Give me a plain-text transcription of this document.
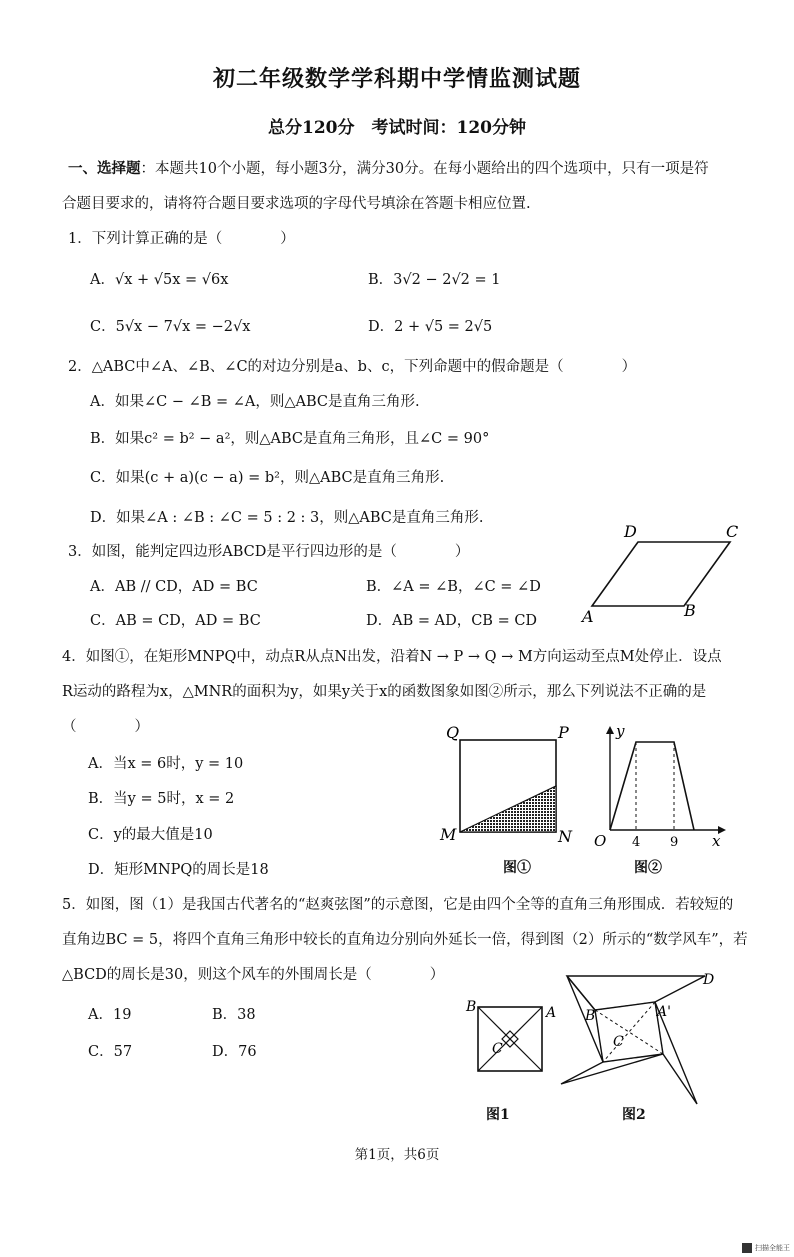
初二年级数学学科期中学情监测试题
总分120分　考试时间：120分钟
一、选择题：本题共10个小题，每小题3分，满分30分。在每小题给出的四个选项中，只有一项是符
合题目要求的，请将符合题目要求选项的字母代号填涂在答题卡相应位置.
1．下列计算正确的是（　　　　）
A．√x + √5x = √6x	B．3√2 − 2√2 = 1
C．5√x − 7√x = −2√x	D．2 + √5 = 2√5
2．△ABC中∠A、∠B、∠C的对边分别是a、b、c，下列命题中的假命题是（　　　　）
A．如果∠C − ∠B = ∠A，则△ABC是直角三角形.
B．如果c² = b² − a²，则△ABC是直角三角形，且∠C = 90°
C．如果(c + a)(c − a) = b²，则△ABC是直角三角形.
D．如果∠A : ∠B : ∠C = 5 : 2 : 3，则△ABC是直角三角形.
3．如图，能判定四边形ABCD是平行四边形的是（　　　　）
A．AB // CD，AD = BC	B．∠A = ∠B，∠C = ∠D
C．AB = CD，AD = BC	D．AB = AD，CB = CD	A	B
C
D
4．如图①，在矩形MNPQ中，动点R从点N出发，沿着N → P → Q → M方向运动至点M处停止．设点
R运动的路程为x，△MNR的面积为y，如果y关于x的函数图象如图②所示，那么下列说法不正确的是
（　　　　）
A．当x = 6时，y = 10
B．当y = 5时，x = 2
C．y的最大值是10
D．矩形MNPQ的周长是18
Q	P
M	N
图①
y
x
O 4 9
图②
5．如图，图（1）是我国古代著名的“赵爽弦图”的示意图，它是由四个全等的直角三角形围成．若较短的
直角边BC = 5，将四个直角三角形中较长的直角边分别向外延长一倍，得到图（2）所示的“数学风车”，若
△BCD的周长是30，则这个风车的外围周长是（　　　　）
A．19	B．38
C．57	D．76
B	A
C
图1
B	A'
C
D
图2
第1页，共6页
扫描全能王
